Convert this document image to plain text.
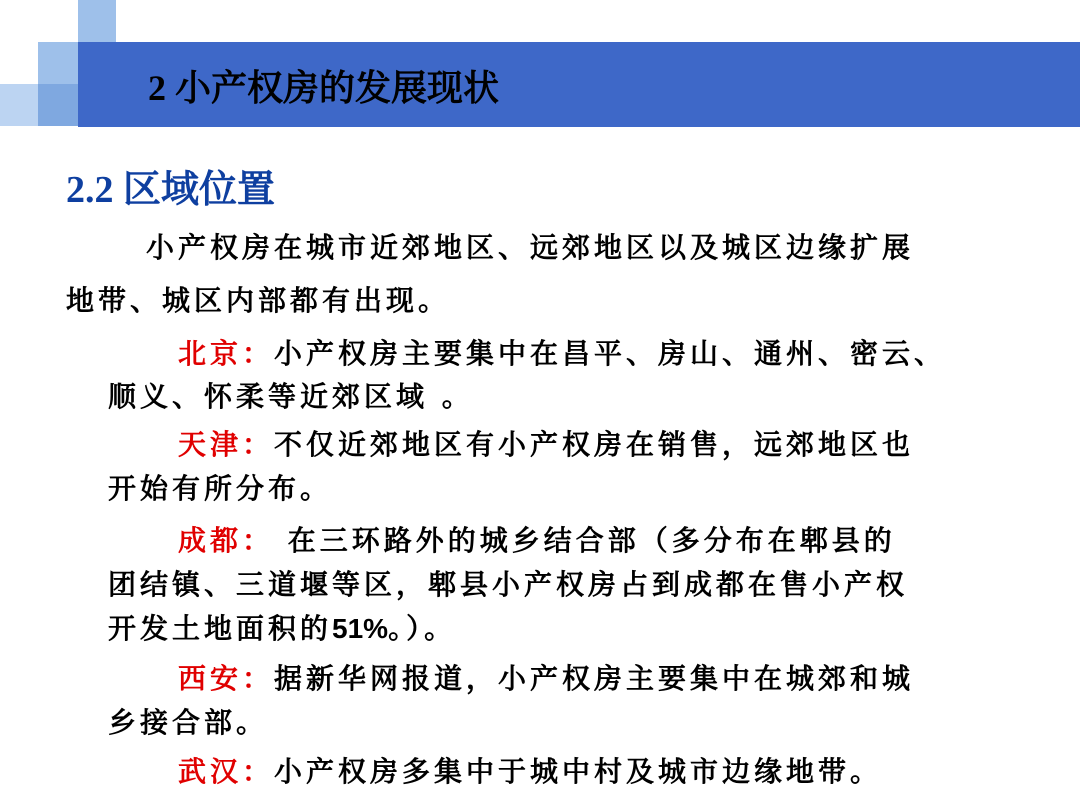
2 小产权房的发展现状
2.2 区域位置
小产权房在城市近郊地区、远郊地区以及城区边缘扩展
地带、城区内部都有出现。
北京：小产权房主要集中在昌平、房山、通州、密云、
顺义、怀柔等近郊区域 。
天津：不仅近郊地区有小产权房在销售，远郊地区也
开始有所分布。
成都： 在三环路外的城乡结合部（多分布在郫县的
团结镇、三道堰等区，郫县小产权房占到成都在售小产权
开发土地面积的51%。）。
西安：据新华网报道，小产权房主要集中在城郊和城
乡接合部。
武汉：小产权房多集中于城中村及城市边缘地带。
